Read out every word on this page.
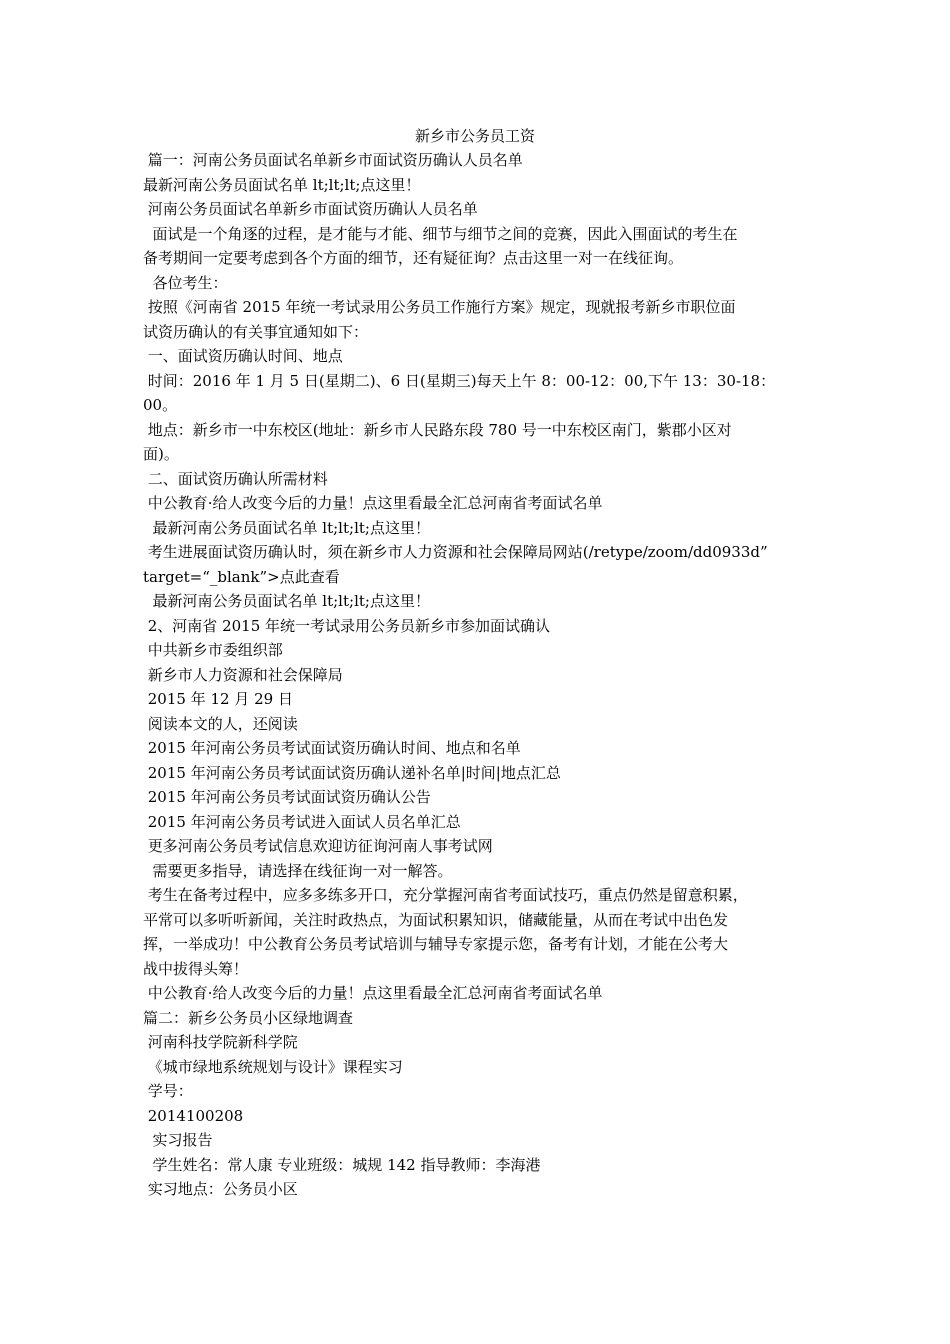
新乡市公务员工资
篇一：河南公务员面试名单新乡市面试资历确认人员名单
最新河南公务员面试名单 lt;lt;lt;点这里！
河南公务员面试名单新乡市面试资历确认人员名单
面试是一个角逐的过程，是才能与才能、细节与细节之间的竞赛，因此入围面试的考生在
备考期间一定要考虑到各个方面的细节，还有疑征询？点击这里一对一在线征询。
各位考生：
按照《河南省 2015 年统一考试录用公务员工作施行方案》规定，现就报考新乡市职位面
试资历确认的有关事宜通知如下：
一、面试资历确认时间、地点
时间：2016 年 1 月 5 日(星期二)、6 日(星期三)每天上午 8：00-12：00,下午 13：30-18：
00。
地点：新乡市一中东校区(地址：新乡市人民路东段 780 号一中东校区南门，紫郡小区对
面)。
二、面试资历确认所需材料
中公教育·给人改变今后的力量！点这里看最全汇总河南省考面试名单
最新河南公务员面试名单 lt;lt;lt;点这里！
考生进展面试资历确认时，须在新乡市人力资源和社会保障局网站(/retype/zoom/dd0933d”
target=“_blank”>点此查看
最新河南公务员面试名单 lt;lt;lt;点这里！
2、河南省 2015 年统一考试录用公务员新乡市参加面试确认
中共新乡市委组织部
新乡市人力资源和社会保障局
2015 年 12 月 29 日
阅读本文的人，还阅读
2015 年河南公务员考试面试资历确认时间、地点和名单
2015 年河南公务员考试面试资历确认递补名单|时间|地点汇总
2015 年河南公务员考试面试资历确认公告
2015 年河南公务员考试进入面试人员名单汇总
更多河南公务员考试信息欢迎访征询河南人事考试网
需要更多指导，请选择在线征询一对一解答。
考生在备考过程中，应多多练多开口，充分掌握河南省考面试技巧，重点仍然是留意积累，
平常可以多听听新闻，关注时政热点，为面试积累知识，储藏能量，从而在考试中出色发
挥，一举成功！中公教育公务员考试培训与辅导专家提示您，备考有计划，才能在公考大
战中拔得头筹！
中公教育·给人改变今后的力量！点这里看最全汇总河南省考面试名单
篇二：新乡公务员小区绿地调查
河南科技学院新科学院
《城市绿地系统规划与设计》课程实习
学号：
2014100208
实习报告
学生姓名：常人康 专业班级：城规 142 指导教师：李海港
实习地点：公务员小区
